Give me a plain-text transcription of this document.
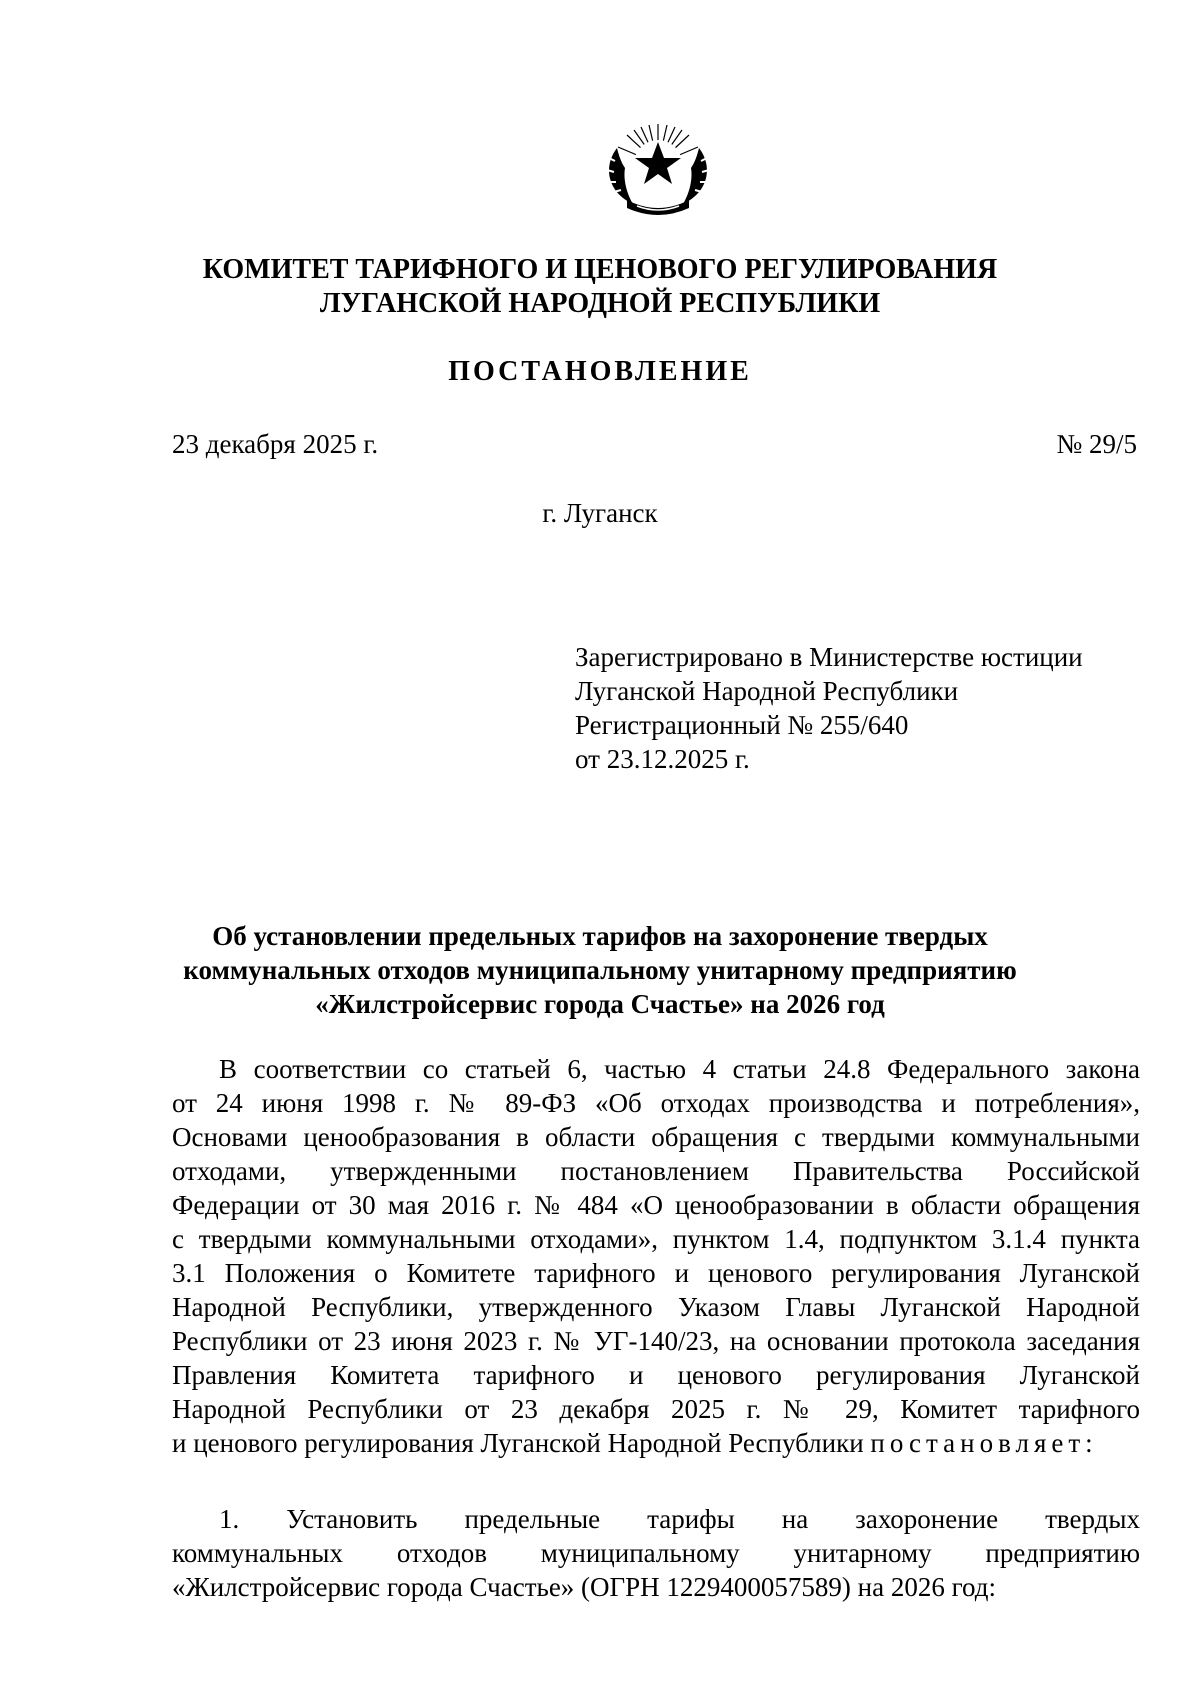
КОМИТЕТ ТАРИФНОГО И ЦЕНОВОГО РЕГУЛИРОВАНИЯ
ЛУГАНСКОЙ НАРОДНОЙ РЕСПУБЛИКИ
ПОСТАНОВЛЕНИЕ
23 декабря 2025 г.	№ 29/5
г. Луганск
Зарегистрировано в Министерстве юстиции
Луганской Народной Республики
Регистрационный № 255/640
от 23.12.2025 г.
Об установлении предельных тарифов на захоронение твердых
коммунальных отходов муниципальному унитарному предприятию
«Жилстройсервис города Счастье» на 2026 год
В соответствии со статьей 6, частью 4 статьи 24.8 Федерального закона
от 24 июня 1998 г. № 89-ФЗ «Об отходах производства и потребления»,
Основами ценообразования в области обращения с твердыми коммунальными
отходами, утвержденными постановлением Правительства Российской
Федерации от 30 мая 2016 г. № 484 «О ценообразовании в области обращения
с твердыми коммунальными отходами», пунктом 1.4, подпунктом 3.1.4 пункта
3.1 Положения о Комитете тарифного и ценового регулирования Луганской
Народной Республики, утвержденного Указом Главы Луганской Народной
Республики от 23 июня 2023 г. № УГ-140/23, на основании протокола заседания
Правления Комитета тарифного и ценового регулирования Луганской
Народной Республики от 23 декабря 2025 г. № 29, Комитет тарифного
и ценового регулирования Луганской Народной Республики постановляет:
1. Установить предельные тарифы на захоронение твердых
коммунальных отходов муниципальному унитарному предприятию
«Жилстройсервис города Счастье» (ОГРН 1229400057589) на 2026 год:
